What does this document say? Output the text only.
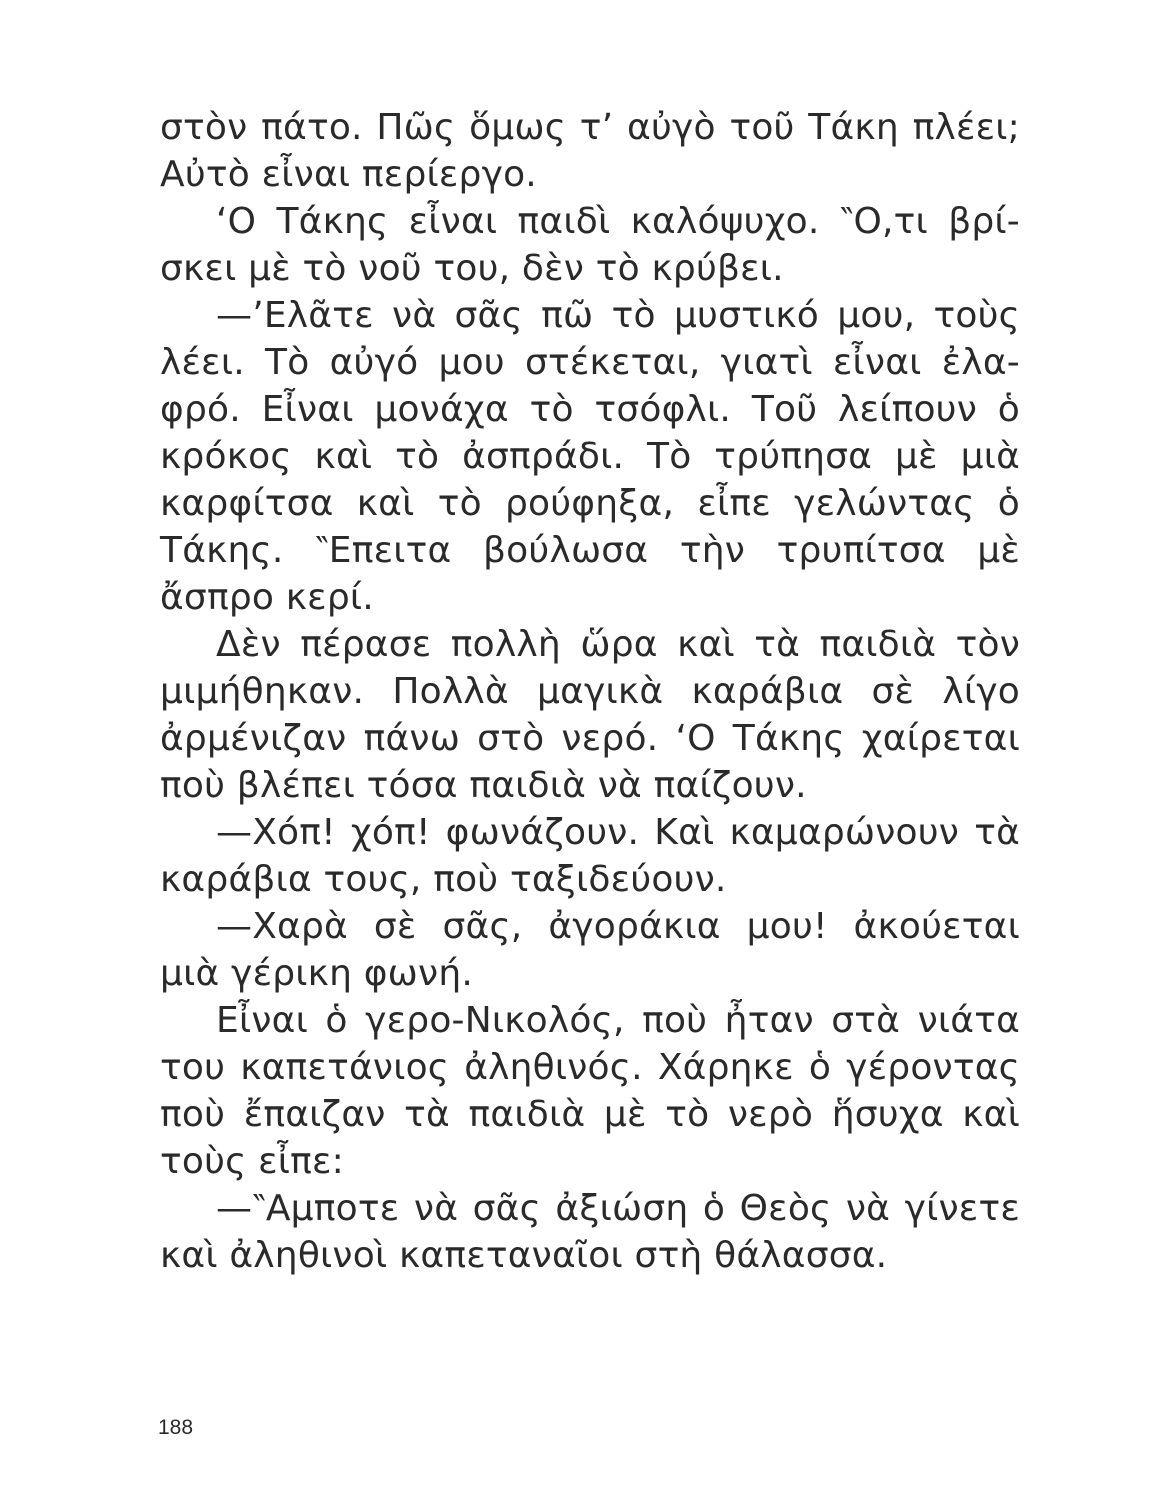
στὸν πάτο. Πῶς ὅμως τ’ αὐγὸ τοῦ Τάκη πλέει;
Αὐτὸ εἶναι περίεργο.
‘Ο Τάκης εἶναι παιδὶ καλόψυχο. ‶Ο,τι βρί-
σκει μὲ τὸ νοῦ του, δὲν τὸ κρύβει.
—’Ελᾶτε νὰ σᾶς πῶ τὸ μυστικό μου, τοὺς
λέει. Τὸ αὐγό μου στέκεται, γιατὶ εἶναι ἐλα-
φρό. Εἶναι μονάχα τὸ τσόφλι. Τοῦ λείπουν ὁ
κρόκος καὶ τὸ ἀσπράδι. Τὸ τρύπησα μὲ μιὰ
καρφίτσα καὶ τὸ ρούφηξα, εἶπε γελώντας ὁ
Τάκης. ‶Επειτα βούλωσα τὴν τρυπίτσα μὲ
ἄσπρο κερί.
Δὲν πέρασε πολλὴ ὥρα καὶ τὰ παιδιὰ τὸν
μιμήθηκαν. Πολλὰ μαγικὰ καράβια σὲ λίγο
ἀρμένιζαν πάνω στὸ νερό. ‘Ο Τάκης χαίρεται
ποὺ βλέπει τόσα παιδιὰ νὰ παίζουν.
—Χόπ! χόπ! φωνάζουν. Καὶ καμαρώνουν τὰ
καράβια τους, ποὺ ταξιδεύουν.
—Χαρὰ σὲ σᾶς, ἀγοράκια μου! ἀκούεται
μιὰ γέρικη φωνή.
Εἶναι ὁ γερο-Νικολός, ποὺ ἦταν στὰ νιάτα
του καπετάνιος ἀληθινός. Χάρηκε ὁ γέροντας
ποὺ ἔπαιζαν τὰ παιδιὰ μὲ τὸ νερὸ ἥσυχα καὶ
τοὺς εἶπε:
—‶Αμποτε νὰ σᾶς ἀξιώση ὁ Θεὸς νὰ γίνετε
καὶ ἀληθινοὶ καπεταναῖοι στὴ θάλασσα.
188
